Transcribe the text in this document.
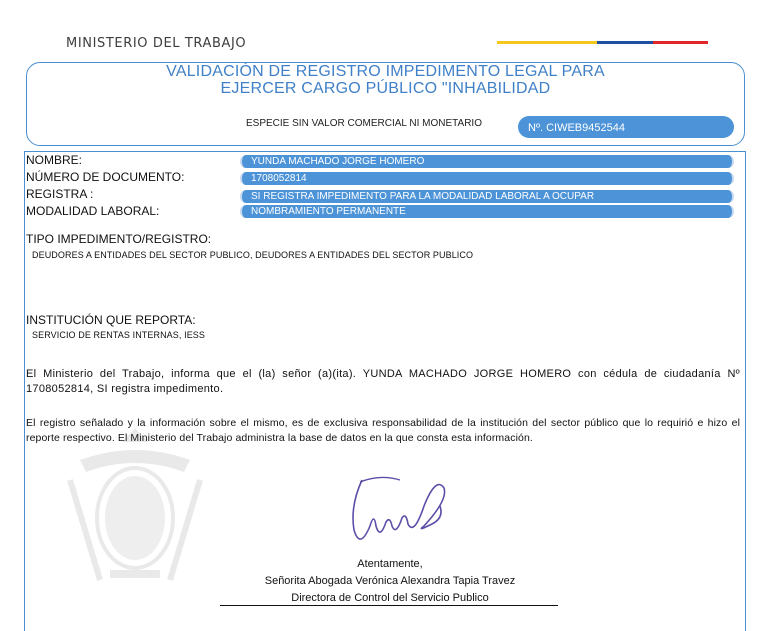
MINISTERIO DEL TRABAJO
VALIDACIÓN DE REGISTRO IMPEDIMENTO LEGAL PARA
EJERCER CARGO PÚBLICO "INHABILIDAD
ESPECIE SIN VALOR COMERCIAL NI MONETARIO	Nº. CIWEB9452544
NOMBRE:	YUNDA MACHADO JORGE HOMERO
NÚMERO DE DOCUMENTO:	1708052814
REGISTRA :	SI REGISTRA IMPEDIMENTO PARA LA MODALIDAD LABORAL A OCUPAR
MODALIDAD LABORAL:	NOMBRAMIENTO PERMANENTE
TIPO IMPEDIMENTO/REGISTRO:
DEUDORES A ENTIDADES DEL SECTOR PUBLICO, DEUDORES A ENTIDADES DEL SECTOR PUBLICO
INSTITUCIÓN QUE REPORTA:
SERVICIO DE RENTAS INTERNAS, IESS
El Ministerio del Trabajo, informa que el (la) señor (a)(ita). YUNDA MACHADO JORGE HOMERO con cédula de ciudadanía Nº 1708052814, SI registra impedimento.
El registro señalado y la información sobre el mismo, es de exclusiva responsabilidad de la institución del sector público que lo requirió e hizo el reporte respectivo. El Ministerio del Trabajo administra la base de datos en la que consta esta información.
Atentamente,
Señorita Abogada Verónica Alexandra Tapia Travez
Directora de Control del Servicio Publico
